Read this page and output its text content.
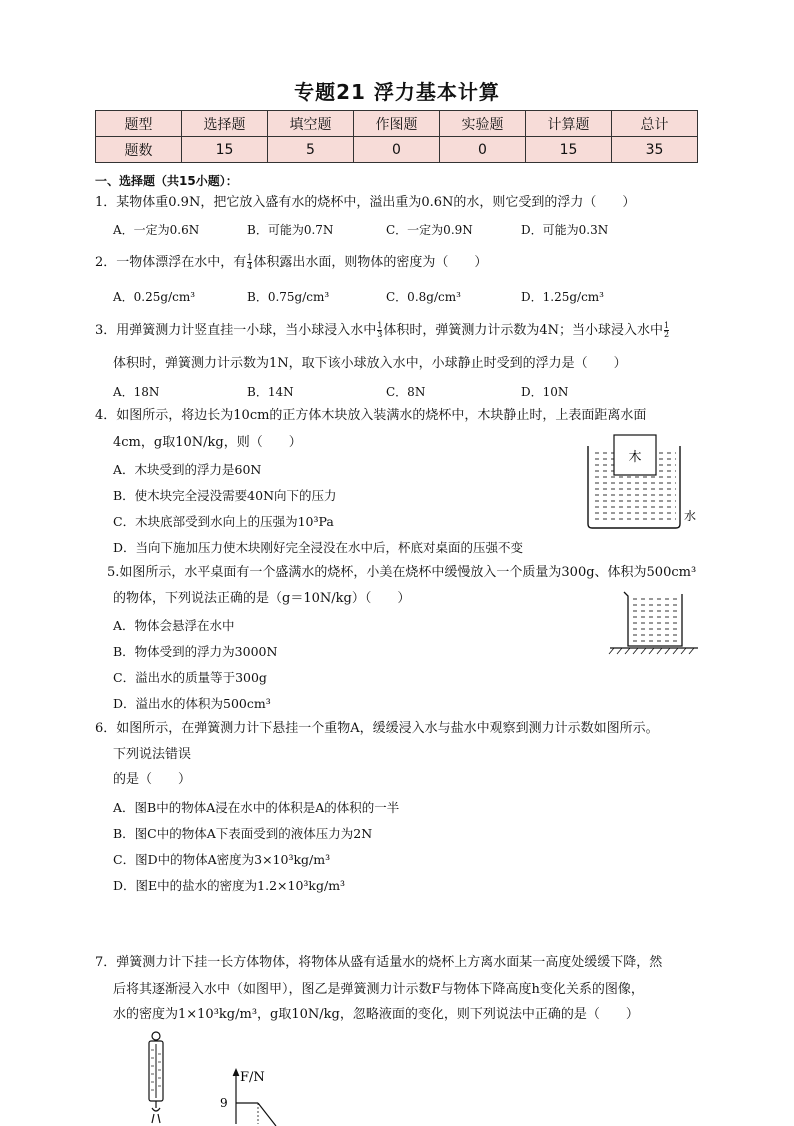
专题21 浮力基本计算
题型	选择题	填空题	作图题	实验题	计算题	总计
题数	15	5	0	0	15	35
一、选择题（共15小题）：
1．某物体重0.9N，把它放入盛有水的烧杯中，溢出重为0.6N的水，则它受到的浮力（　　）
A．一定为0.6N	B．可能为0.7N	C．一定为0.9N	D．可能为0.3N
2．一物体漂浮在水中，有 $\frac{1}{4}$ 体积露出水面，则物体的密度为（　　）
A．0.25g/cm³	B．0.75g/cm³	C．0.8g/cm³	D．1.25g/cm³
3．用弹簧测力计竖直挂一小球，当小球浸入水中 $\frac{1}{3}$ 体积时，弹簧测力计示数为4N；当小球浸入水中 $\frac{1}{2}$
体积时，弹簧测力计示数为1N，取下该小球放入水中，小球静止时受到的浮力是（　　）
A．18N	B．14N	C．8N	D．10N
4．如图所示，将边长为10cm的正方体木块放入装满水的烧杯中，木块静止时，上表面距离水面
4cm，g取10N/kg，则（　　）
A．木块受到的浮力是60N
B．使木块完全浸没需要40N向下的压力
C．木块底部受到水向上的压强为10³Pa
D．当向下施加压力使木块刚好完全浸没在水中后，杯底对桌面的压强不变
木
水
5.如图所示，水平桌面有一个盛满水的烧杯，小美在烧杯中缓慢放入一个质量为300g、体积为500cm³
的物体，下列说法正确的是（g＝10N/kg）（　　）
A．物体会悬浮在水中
B．物体受到的浮力为3000N
C．溢出水的质量等于300g
D．溢出水的体积为500cm³
6．如图所示，在弹簧测力计下悬挂一个重物A，缓缓浸入水与盐水中观察到测力计示数如图所示。
下列说法错误
的是（　　）
A．图B中的物体A浸在水中的体积是A的体积的一半
B．图C中的物体A下表面受到的液体压力为2N
C．图D中的物体A密度为3×10³kg/m³
D．图E中的盐水的密度为1.2×10³kg/m³
7．弹簧测力计下挂一长方体物体，将物体从盛有适量水的烧杯上方离水面某一高度处缓缓下降，然
后将其逐渐浸入水中（如图甲），图乙是弹簧测力计示数F与物体下降高度h变化关系的图像，
水的密度为1×10³kg/m³，g取10N/kg，忽略液面的变化，则下列说法中正确的是（　　）
F/N
9
